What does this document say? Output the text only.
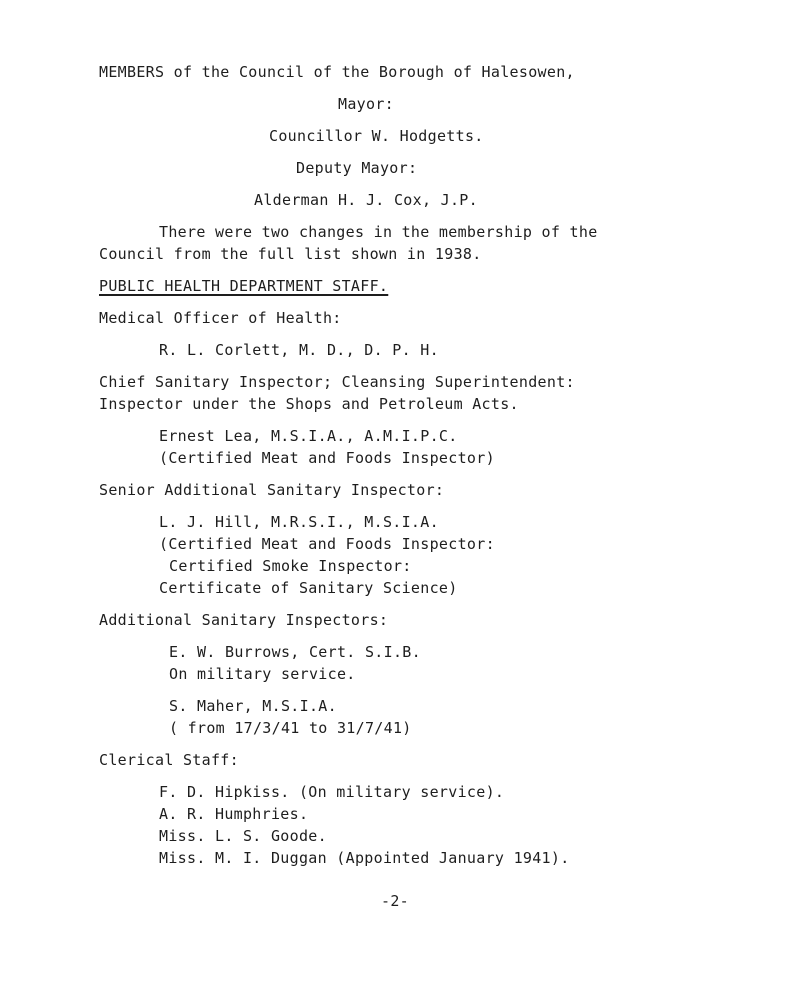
MEMBERS of the Council of the Borough of Halesowen,
Mayor:
Councillor W. Hodgetts.
Deputy Mayor:
Alderman H. J. Cox, J.P.
There were two changes in the membership of the
Council from the full list shown in 1938.
PUBLIC HEALTH DEPARTMENT STAFF.
Medical Officer of Health:
R. L. Corlett, M. D., D. P. H.
Chief Sanitary Inspector; Cleansing Superintendent:
Inspector under the Shops and Petroleum Acts.
Ernest Lea, M.S.I.A., A.M.I.P.C.
(Certified Meat and Foods Inspector)
Senior Additional Sanitary Inspector:
L. J. Hill, M.R.S.I., M.S.I.A.
(Certified Meat and Foods Inspector:
Certified Smoke Inspector:
Certificate of Sanitary Science)
Additional Sanitary Inspectors:
E. W. Burrows, Cert. S.I.B.
On military service.
S. Maher, M.S.I.A.
( from 17/3/41 to 31/7/41)
Clerical Staff:
F. D. Hipkiss. (On military service).
A. R. Humphries.
Miss. L. S. Goode.
Miss. M. I. Duggan (Appointed January 1941).
-2-
